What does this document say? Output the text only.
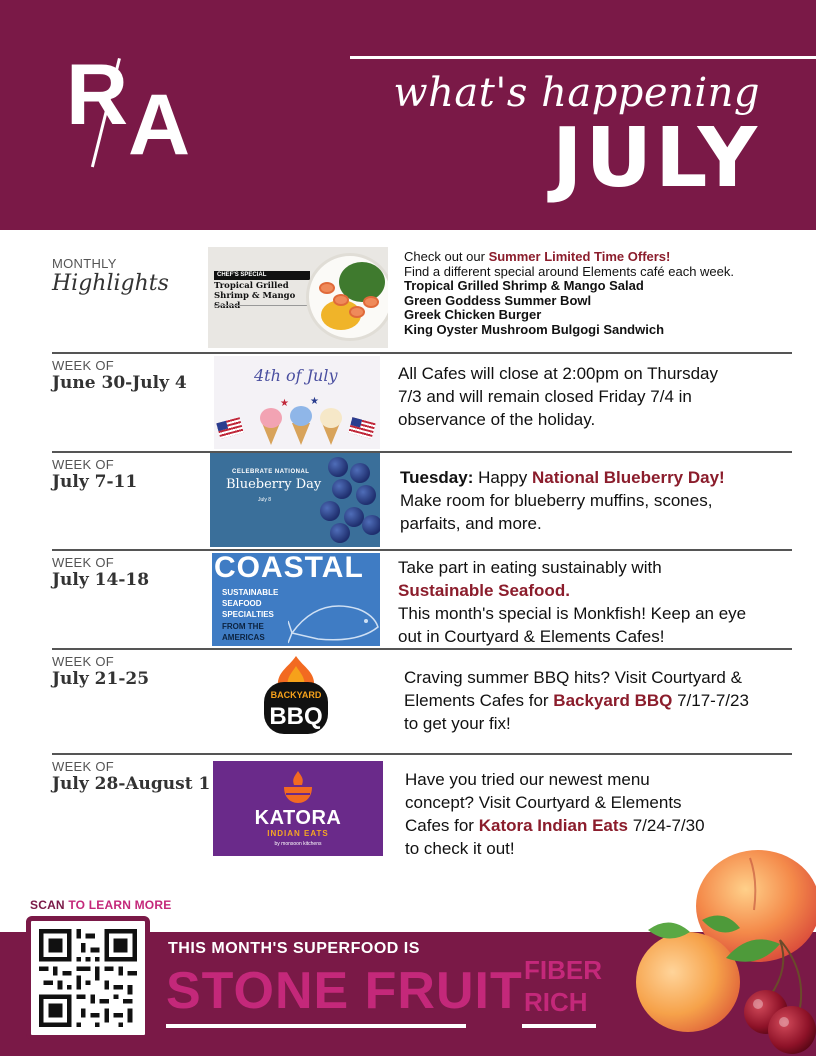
R A	what's happening
JULY
MONTHLY
Highlights	CHEF'S SPECIAL
Tropical Grilled Shrimp & Mango Salad
Check out our Summer Limited Time Offers!
Find a different special around Elements café each week.
Tropical Grilled Shrimp & Mango Salad
Green Goddess Summer Bowl
Greek Chicken Burger
King Oyster Mushroom Bulgogi Sandwich
WEEK OF
June 30-July 4	4th of July
★ ★
All Cafes will close at 2:00pm on Thursday 7/3 and will remain closed Friday 7/4 in observance of the holiday.
WEEK OF
July 7-11	CELEBRATE NATIONAL
Blueberry Day
July 8
Tuesday: Happy National Blueberry Day! Make room for blueberry muffins, scones, parfaits, and more.
WEEK OF
July 14-18 COASTAL
SUSTAINABLE SEAFOOD SPECIALTIES
FROM THE AMERICAS
Take part in eating sustainably with
Sustainable Seafood.
This month's special is Monkfish! Keep an eye out in Courtyard & Elements Cafes!
WEEK OF
July 21-25
BACKYARD
BBQ
Craving summer BBQ hits? Visit Courtyard & Elements Cafes for Backyard BBQ 7/17-7/23 to get your fix!
WEEK OF
July 28-August 1
KATORA
INDIAN EATS
by monsoon kitchens
Have you tried our newest menu concept? Visit Courtyard & Elements Cafes for Katora Indian Eats 7/24-7/30 to check it out!
SCAN TO LEARN MORE
THIS MONTH'S SUPERFOOD IS
STONE FRUIT FIBER
RICH
